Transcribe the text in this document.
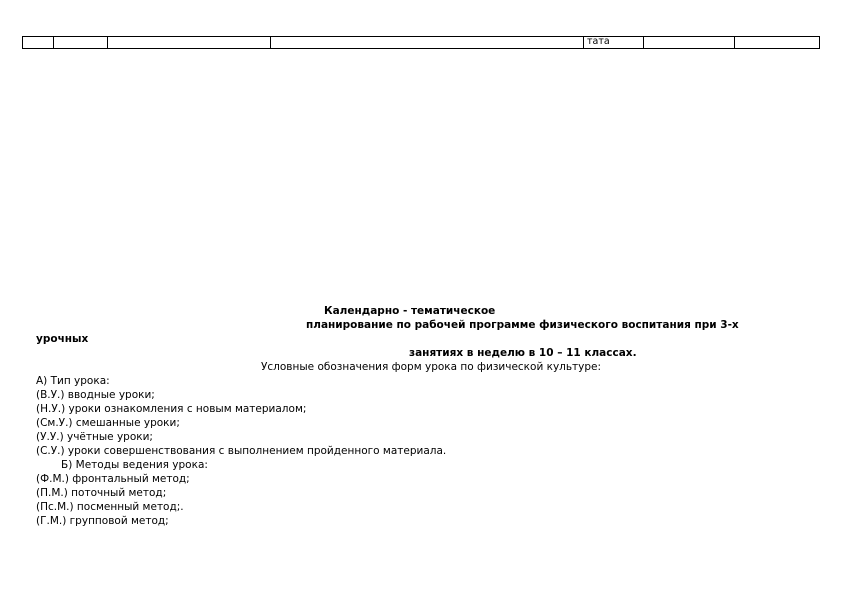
				тата		
Календарно - тематическое
планирование по рабочей программе физического воспитания при 3-х
урочных
занятиях в неделю в 10 – 11 классах.
Условные обозначения форм урока по физической культуре:
А) Тип урока:
(В.У.) вводные уроки;
(Н.У.) уроки ознакомления с новым материалом;
(См.У.) смешанные уроки;
(У.У.) учётные уроки;
(С.У.) уроки совершенствования с выполнением пройденного материала.
Б) Методы ведения урока:
(Ф.М.) фронтальный метод;
(П.М.) поточный метод;
(Пс.М.) посменный метод;.
(Г.М.) групповой метод;
